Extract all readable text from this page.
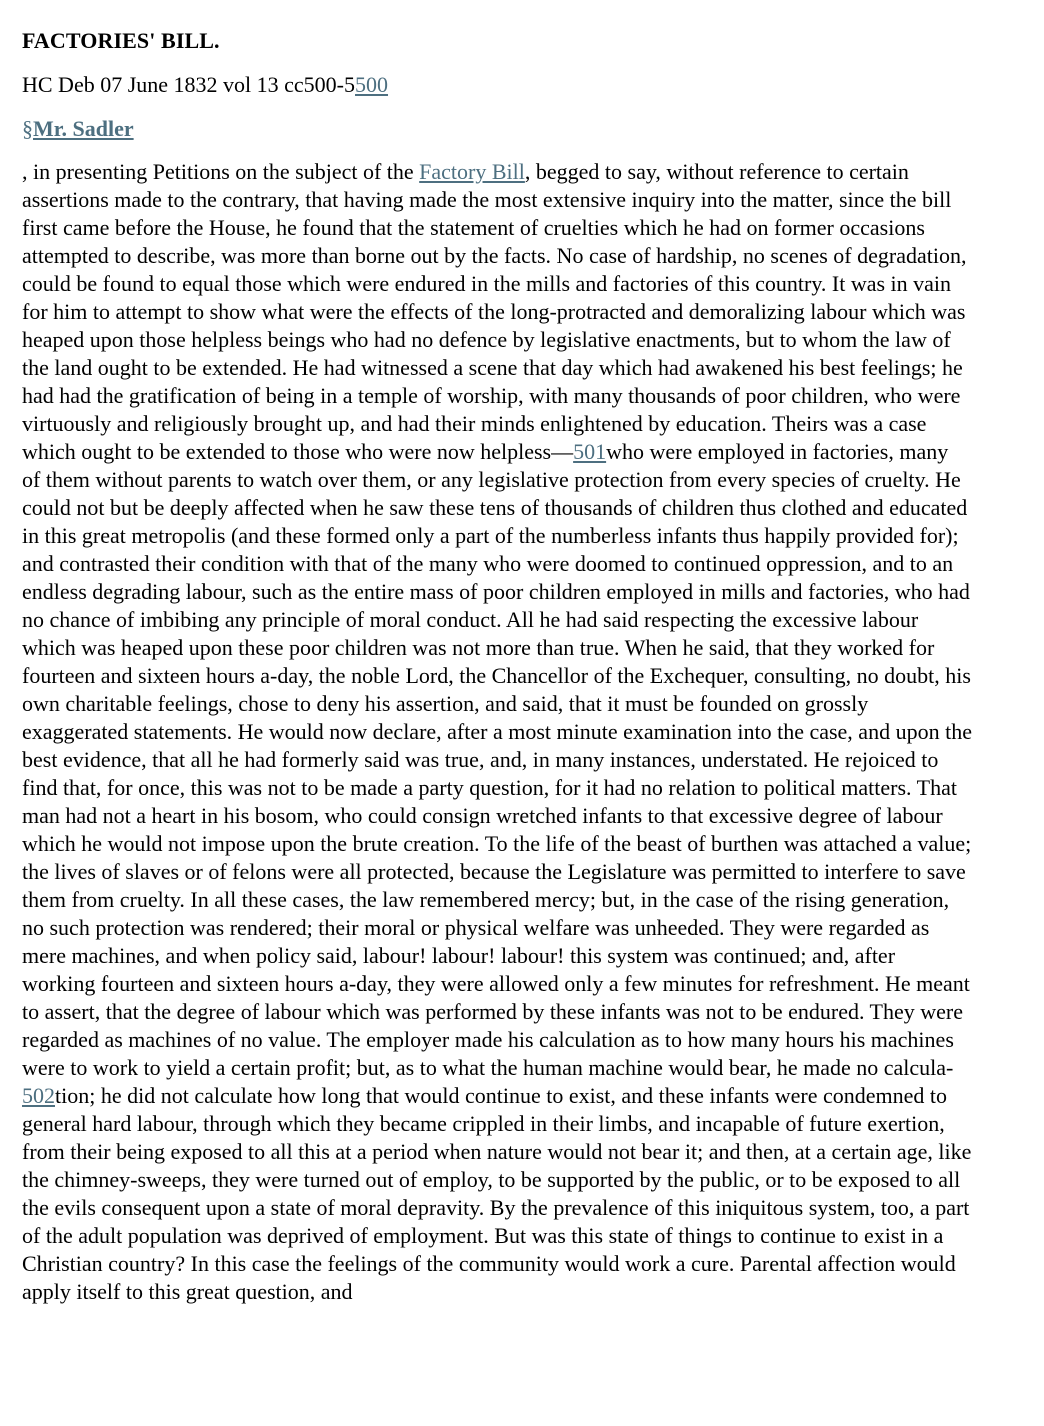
FACTORIES' BILL.
HC Deb 07 June 1832 vol 13 cc500-5500
§Mr. Sadler
, in presenting Petitions on the subject of the Factory Bill, begged to say, without reference to certain assertions made to the contrary, that having made the most extensive inquiry into the matter, since the bill first came before the House, he found that the statement of cruelties which he had on former occasions attempted to describe, was more than borne out by the facts. No case of hardship, no scenes of degradation, could be found to equal those which were endured in the mills and factories of this country. It was in vain for him to attempt to show what were the effects of the long-protracted and demoralizing labour which was heaped upon those helpless beings who had no defence by legislative enactments, but to whom the law of the land ought to be extended. He had witnessed a scene that day which had awakened his best feelings; he had had the gratification of being in a temple of worship, with many thousands of poor children, who were virtuously and religiously brought up, and had their minds enlightened by education. Theirs was a case which ought to be extended to those who were now helpless—501who were employed in factories, many of them without parents to watch over them, or any legislative protection from every species of cruelty. He could not but be deeply affected when he saw these tens of thousands of children thus clothed and educated in this great metropolis (and these formed only a part of the numberless infants thus happily provided for); and contrasted their condition with that of the many who were doomed to continued oppression, and to an endless degrading labour, such as the entire mass of poor children employed in mills and factories, who had no chance of imbibing any principle of moral conduct. All he had said respecting the excessive labour which was heaped upon these poor children was not more than true. When he said, that they worked for fourteen and sixteen hours a-day, the noble Lord, the Chancellor of the Exchequer, consulting, no doubt, his own charitable feelings, chose to deny his assertion, and said, that it must be founded on grossly exaggerated statements. He would now declare, after a most minute examination into the case, and upon the best evidence, that all he had formerly said was true, and, in many instances, understated. He rejoiced to find that, for once, this was not to be made a party question, for it had no relation to political matters. That man had not a heart in his bosom, who could consign wretched infants to that excessive degree of labour which he would not impose upon the brute creation. To the life of the beast of burthen was attached a value; the lives of slaves or of felons were all protected, because the Legislature was permitted to interfere to save them from cruelty. In all these cases, the law remembered mercy; but, in the case of the rising generation, no such protection was rendered; their moral or physical welfare was unheeded. They were regarded as mere machines, and when policy said, labour! labour! labour! this system was continued; and, after working fourteen and sixteen hours a-day, they were allowed only a few minutes for refreshment. He meant to assert, that the degree of labour which was performed by these infants was not to be endured. They were regarded as machines of no value. The employer made his calculation as to how many hours his machines were to work to yield a certain profit; but, as to what the human machine would bear, he made no calcula- 502tion; he did not calculate how long that would continue to exist, and these infants were condemned to general hard labour, through which they became crippled in their limbs, and incapable of future exertion, from their being exposed to all this at a period when nature would not bear it; and then, at a certain age, like the chimney-sweeps, they were turned out of employ, to be supported by the public, or to be exposed to all the evils consequent upon a state of moral depravity. By the prevalence of this iniquitous system, too, a part of the adult population was deprived of employment. But was this state of things to continue to exist in a Christian country? In this case the feelings of the community would work a cure. Parental affection would apply itself to this great question, and
